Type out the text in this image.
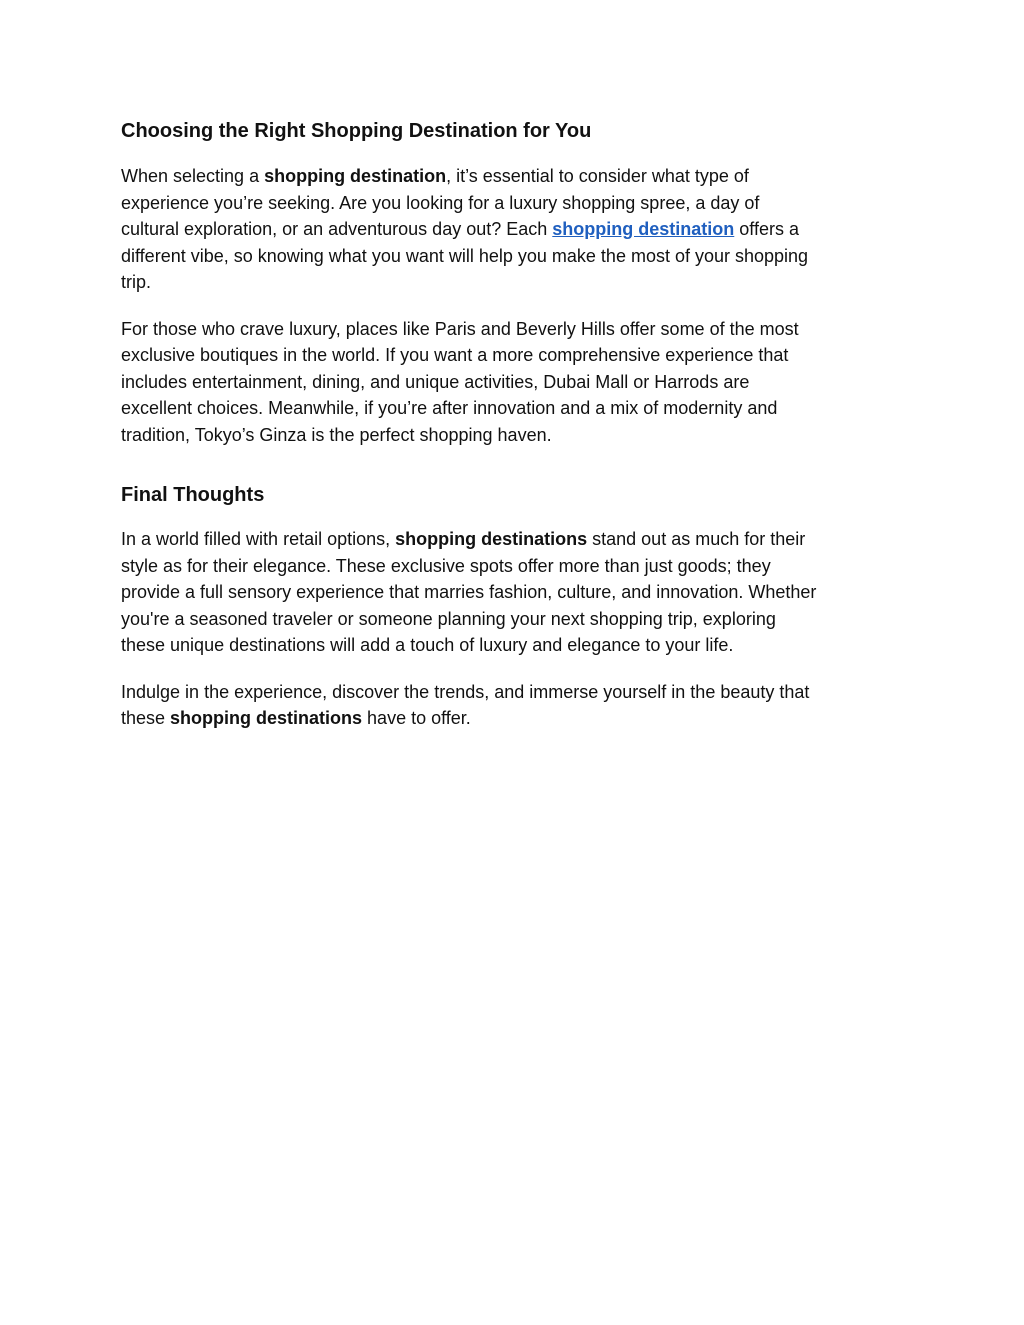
Choosing the Right Shopping Destination for You

When selecting a shopping destination, it’s essential to consider what type of
experience you’re seeking. Are you looking for a luxury shopping spree, a day of
cultural exploration, or an adventurous day out? Each shopping destination offers a
different vibe, so knowing what you want will help you make the most of your shopping
trip.

For those who crave luxury, places like Paris and Beverly Hills offer some of the most
exclusive boutiques in the world. If you want a more comprehensive experience that
includes entertainment, dining, and unique activities, Dubai Mall or Harrods are
excellent choices. Meanwhile, if you’re after innovation and a mix of modernity and
tradition, Tokyo’s Ginza is the perfect shopping haven.

Final Thoughts

In a world filled with retail options, shopping destinations stand out as much for their
style as for their elegance. These exclusive spots offer more than just goods; they
provide a full sensory experience that marries fashion, culture, and innovation. Whether
you're a seasoned traveler or someone planning your next shopping trip, exploring
these unique destinations will add a touch of luxury and elegance to your life.

Indulge in the experience, discover the trends, and immerse yourself in the beauty that
these shopping destinations have to offer.
